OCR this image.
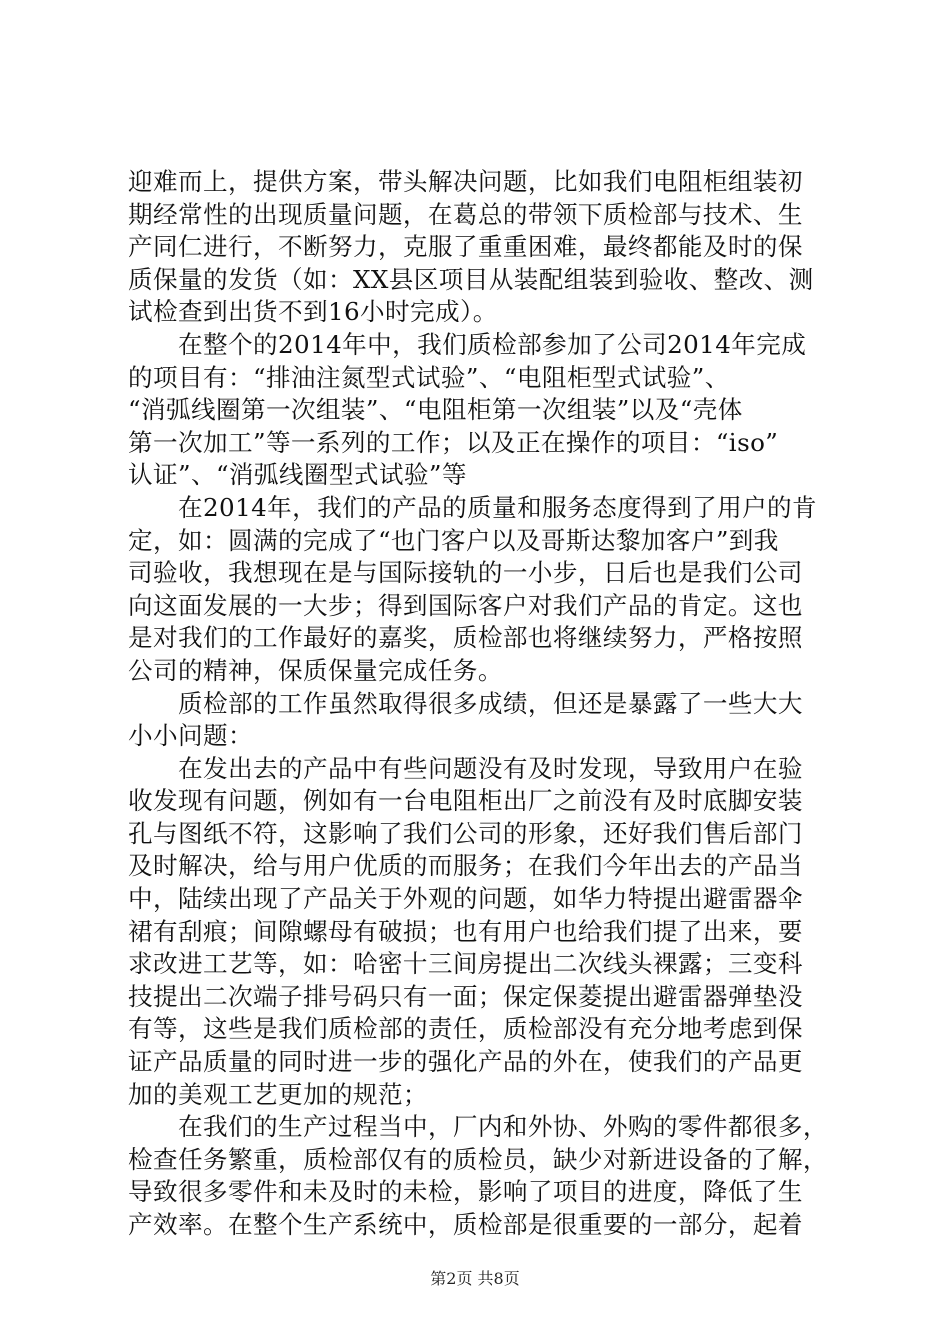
迎难而上，提供方案，带头解决问题，比如我们电阻柜组装初
期经常性的出现质量问题，在葛总的带领下质检部与技术、生
产同仁进行，不断努力，克服了重重困难，最终都能及时的保
质保量的发货（如：XX县区项目从装配组装到验收、整改、测
试检查到出货不到16小时完成）。
在整个的2014年中，我们质检部参加了公司2014年完成
的项目有：“排油注氮型式试验”、“电阻柜型式试验”、
“消弧线圈第一次组装”、“电阻柜第一次组装”以及“壳体
第一次加工”等一系列的工作；以及正在操作的项目：“iso”
认证”、“消弧线圈型式试验”等
在2014年，我们的产品的质量和服务态度得到了用户的肯
定，如：圆满的完成了“也门客户以及哥斯达黎加客户”到我
司验收，我想现在是与国际接轨的一小步，日后也是我们公司
向这面发展的一大步；得到国际客户对我们产品的肯定。这也
是对我们的工作最好的嘉奖，质检部也将继续努力，严格按照
公司的精神，保质保量完成任务。
质检部的工作虽然取得很多成绩，但还是暴露了一些大大
小小问题：
在发出去的产品中有些问题没有及时发现，导致用户在验
收发现有问题，例如有一台电阻柜出厂之前没有及时底脚安装
孔与图纸不符，这影响了我们公司的形象，还好我们售后部门
及时解决，给与用户优质的而服务；在我们今年出去的产品当
中，陆续出现了产品关于外观的问题，如华力特提出避雷器伞
裙有刮痕；间隙螺母有破损；也有用户也给我们提了出来，要
求改进工艺等，如：哈密十三间房提出二次线头裸露；三变科
技提出二次端子排号码只有一面；保定保菱提出避雷器弹垫没
有等，这些是我们质检部的责任，质检部没有充分地考虑到保
证产品质量的同时进一步的强化产品的外在，使我们的产品更
加的美观工艺更加的规范；
在我们的生产过程当中，厂内和外协、外购的零件都很多，
检查任务繁重，质检部仅有的质检员，缺少对新进设备的了解，
导致很多零件和未及时的未检，影响了项目的进度，降低了生
产效率。在整个生产系统中，质检部是很重要的一部分，起着
第2页 共8页
